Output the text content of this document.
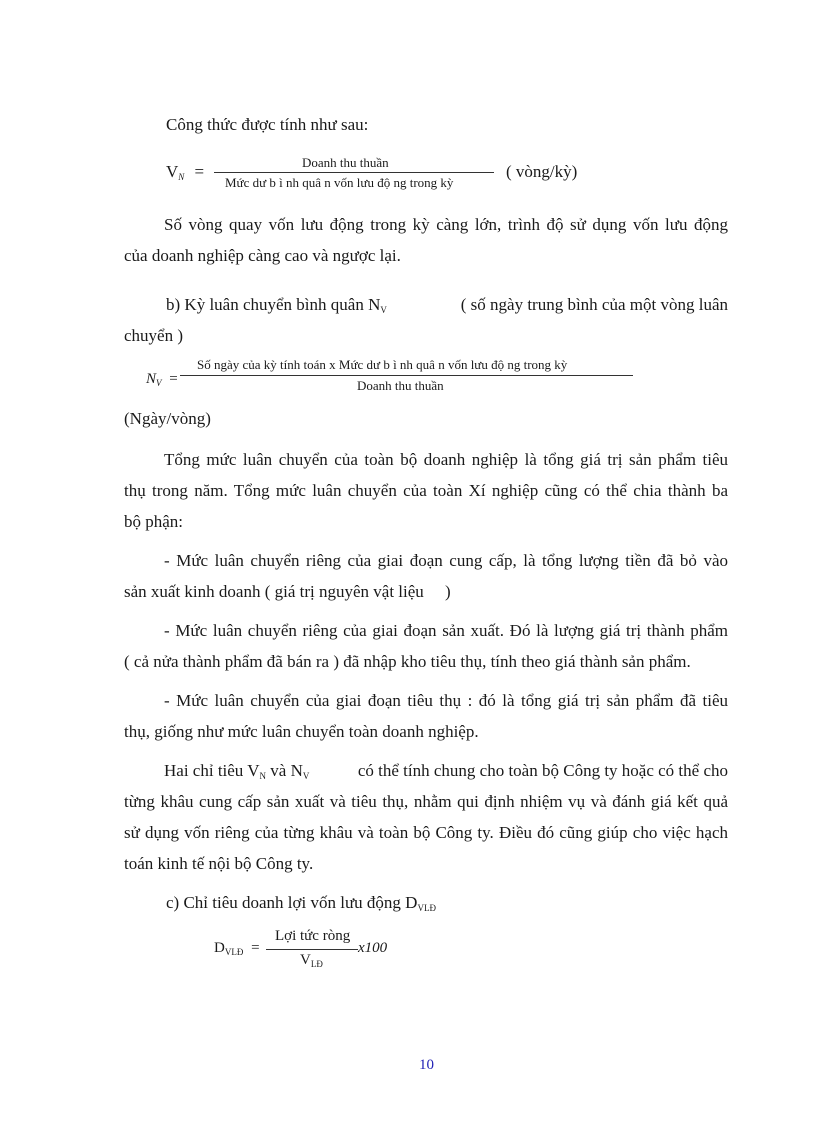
Công thức được tính như sau:
$V_N$ =	Doanh thu thuần
Mức dư b ì nh quâ n vốn lưu độ ng trong kỳ
( vòng/kỳ)
Số vòng quay vốn lưu động trong kỳ càng lớn, trình độ sử dụng vốn lưu động
của doanh nghiệp càng cao và ngược lại.
b) Kỳ luân chuyển bình quân $N_V$	( số ngày trung bình của một vòng luân
chuyển )
$N_V$ =
Số ngày của kỳ tính toán x Mức dư b ì nh quâ n vốn lưu độ ng trong kỳ
Doanh thu thuần
(Ngày/vòng)
Tổng mức luân chuyển của toàn bộ doanh nghiệp là tổng giá trị sản phẩm tiêu
thụ trong năm. Tổng mức luân chuyển của toàn Xí nghiệp cũng có thể chia thành ba
bộ phận:
- Mức luân chuyển riêng của giai đoạn cung cấp, là tổng lượng tiền đã bỏ vào
sản xuất kinh doanh ( giá trị nguyên vật liệu     )
- Mức luân chuyển riêng của giai đoạn sản xuất. Đó là lượng giá trị thành phẩm
( cả nửa thành phẩm đã bán ra ) đã nhập kho tiêu thụ, tính theo giá thành sản phẩm.
- Mức luân chuyển của giai đoạn tiêu thụ : đó là tổng giá trị sản phẩm đã tiêu
thụ, giống như mức luân chuyển toàn doanh nghiệp.
Hai chỉ tiêu $V_N$ và $N_V$	có thể tính chung cho toàn bộ Công ty hoặc có thể cho
từng khâu cung cấp sản xuất và tiêu thụ, nhằm qui định nhiệm vụ và đánh giá kết quả
sử dụng vốn riêng của từng khâu và toàn bộ Công ty. Điều đó cũng giúp cho việc hạch
toán kinh tế nội bộ Công ty.
c) Chỉ tiêu doanh lợi vốn lưu động $D_{VLĐ}$
$D_{VLĐ}$ =
Lợi tức ròng
$V_{LĐ}$
x100
10
